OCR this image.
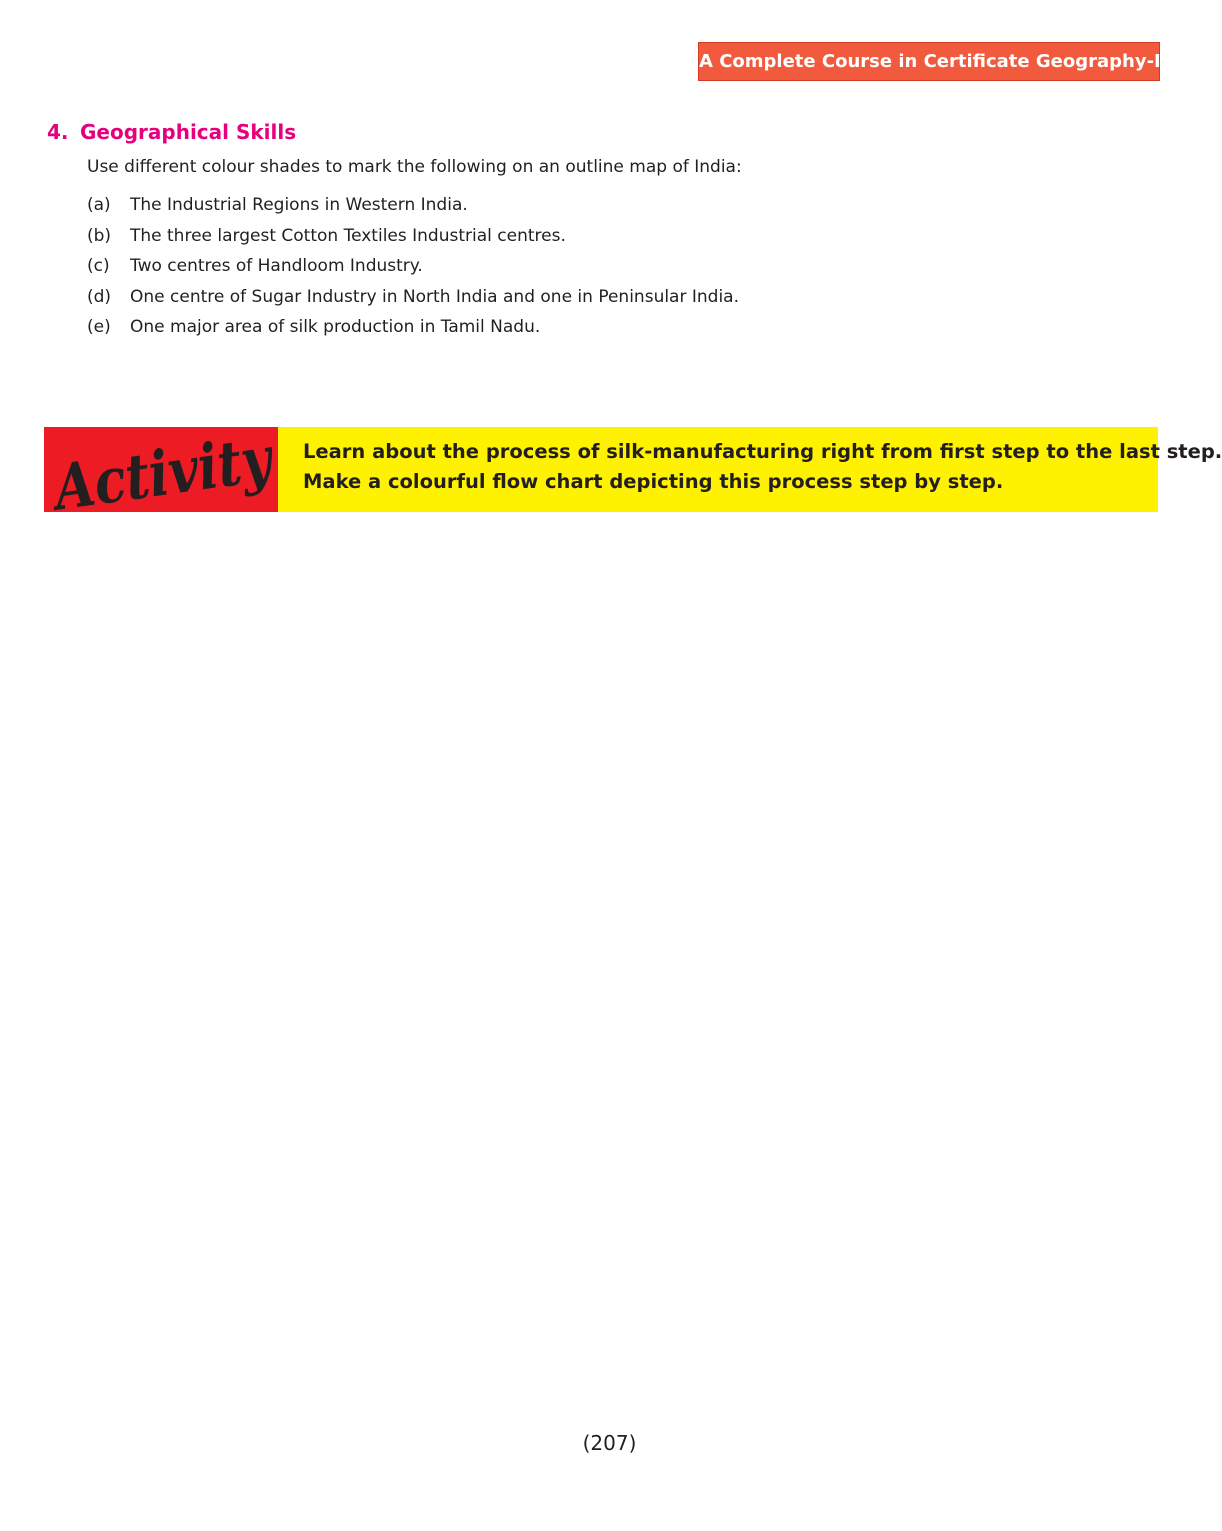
A Complete Course in Certificate Geography-II
4. Geographical Skills
Use different colour shades to mark the following on an outline map of India:
(a) The Industrial Regions in Western India.
(b) The three largest Cotton Textiles Industrial centres.
(c) Two centres of Handloom Industry.
(d) One centre of Sugar Industry in North India and one in Peninsular India.
(e) One major area of silk production in Tamil Nadu.
Activity
Learn about the process of silk-manufacturing right from first step to the last step.
Make a colourful flow chart depicting this process step by step.
(207)
